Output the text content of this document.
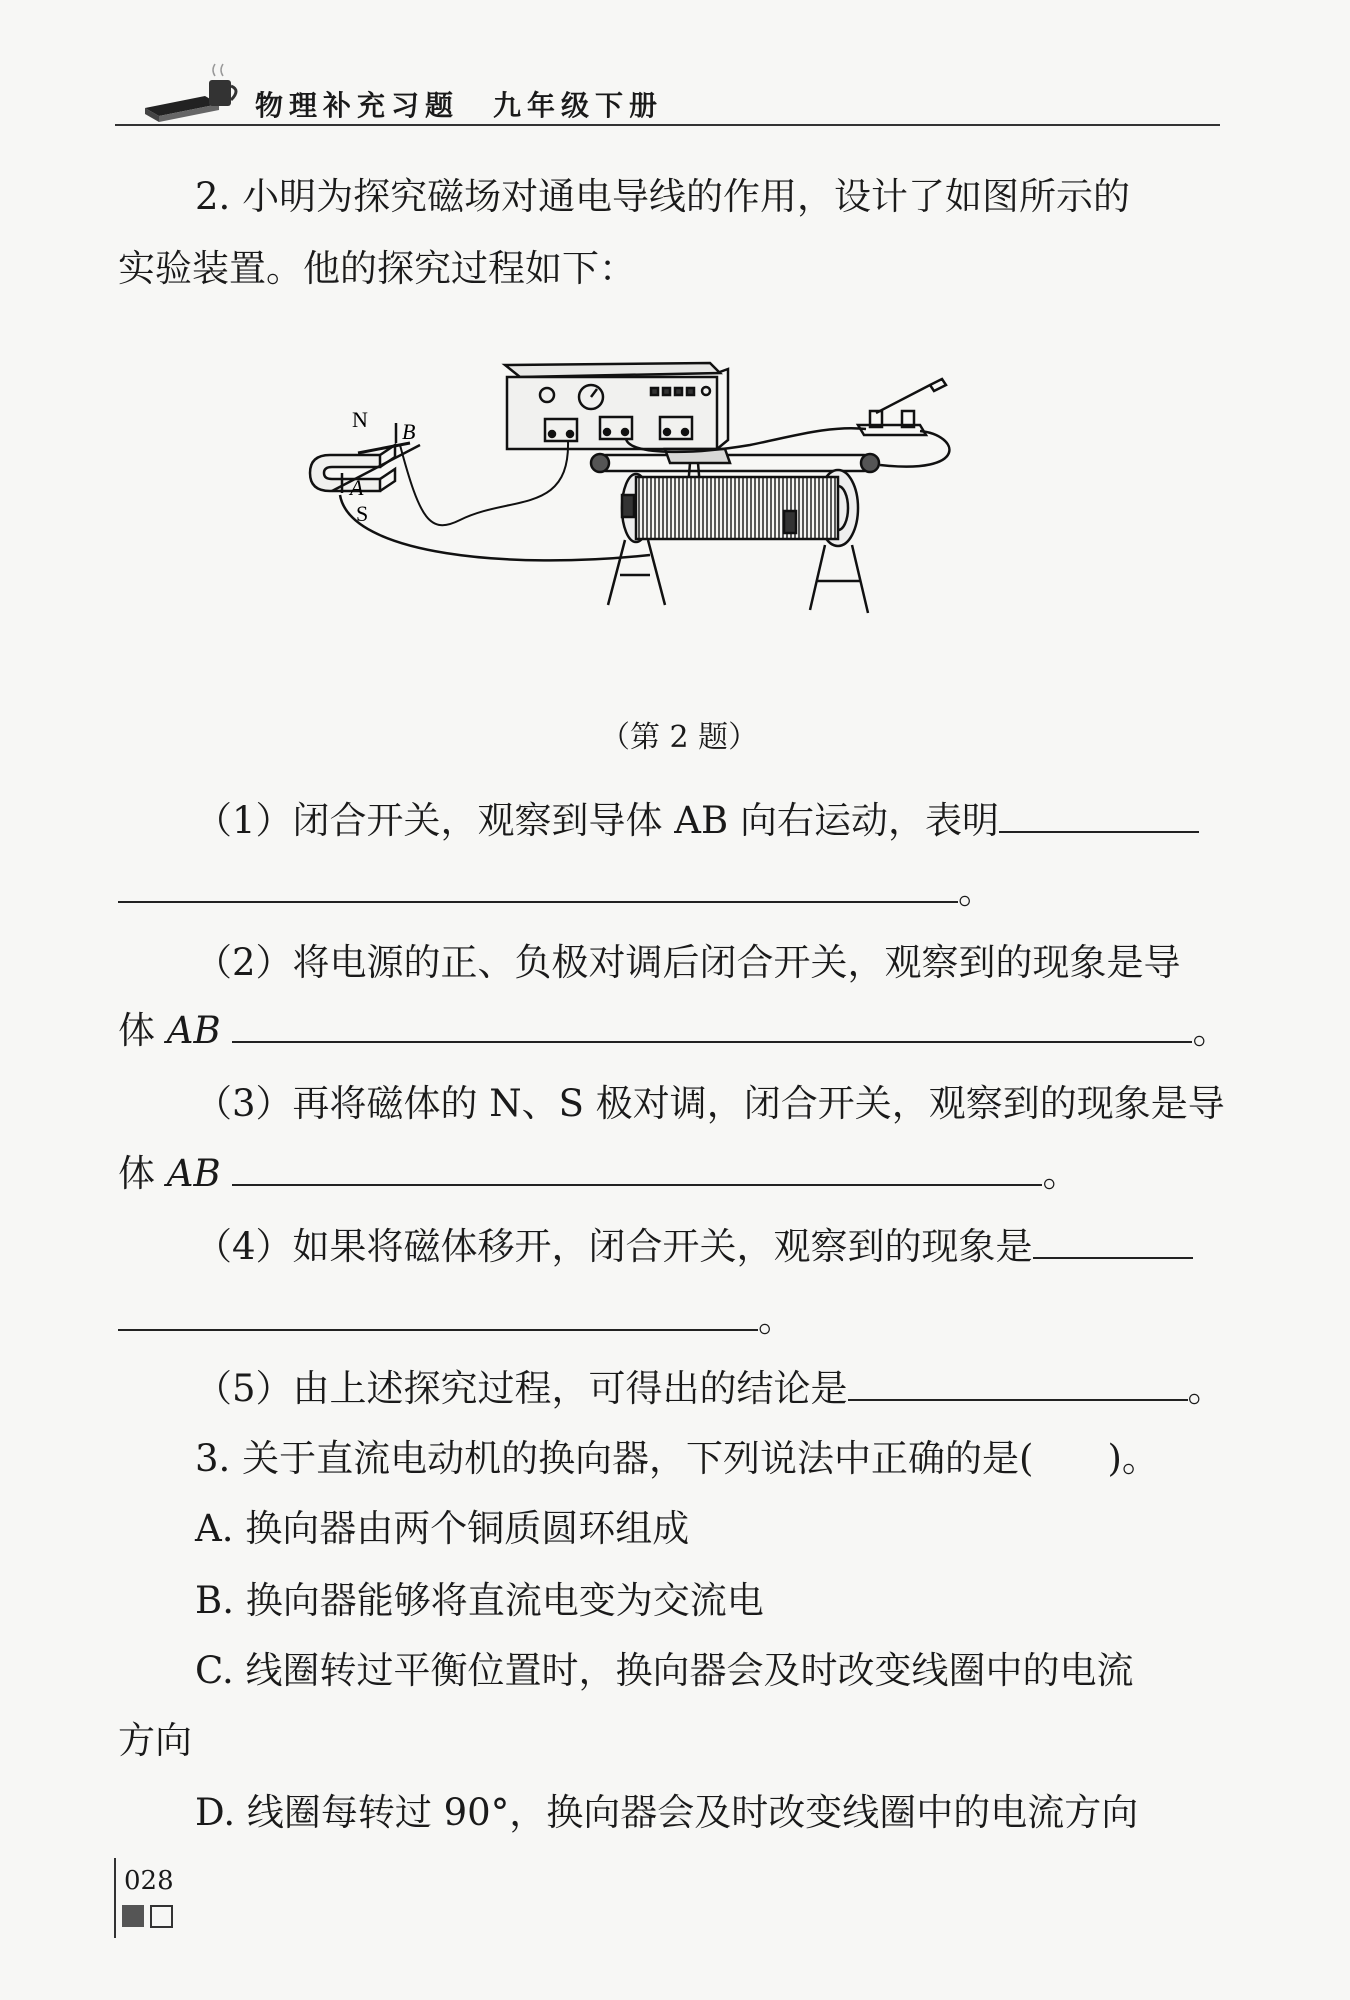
物理补充习题　九年级下册
2. 小明为探究磁场对通电导线的作用，设计了如图所示的
实验装置。他的探究过程如下：
A
N B
S
（第 2 题）
（1）闭合开关，观察到导体 AB 向右运动，表明
。
（2）将电源的正、负极对调后闭合开关，观察到的现象是导
体 AB	。
（3）再将磁体的 N、S 极对调，闭合开关，观察到的现象是导
体 AB	。
（4）如果将磁体移开，闭合开关，观察到的现象是
。
（5）由上述探究过程，可得出的结论是	。
3. 关于直流电动机的换向器，下列说法中正确的是(　　)。
A. 换向器由两个铜质圆环组成
B. 换向器能够将直流电变为交流电
C. 线圈转过平衡位置时，换向器会及时改变线圈中的电流
方向
D. 线圈每转过 90°，换向器会及时改变线圈中的电流方向
028
